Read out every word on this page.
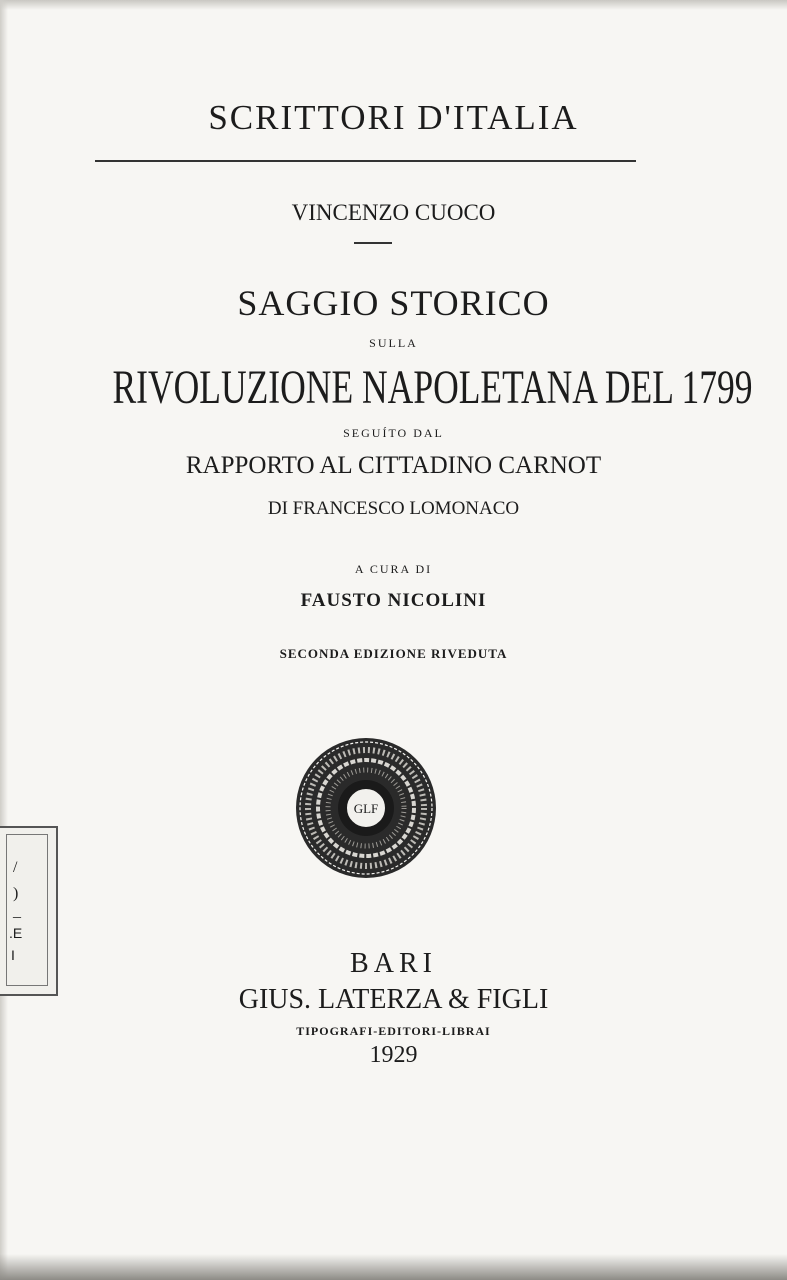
SCRITTORI D'ITALIA
VINCENZO CUOCO
SAGGIO STORICO
SULLA
RIVOLUZIONE NAPOLETANA DEL 1799
SEGUÍTO DAL
RAPPORTO AL CITTADINO CARNOT
DI FRANCESCO LOMONACO
A CURA DI
FAUSTO NICOLINI
SECONDA EDIZIONE RIVEDUTA
GLF
BARI
GIUS. LATERZA & FIGLI
TIPOGRAFI-EDITORI-LIBRAI
1929
/
)
_
.E
I
